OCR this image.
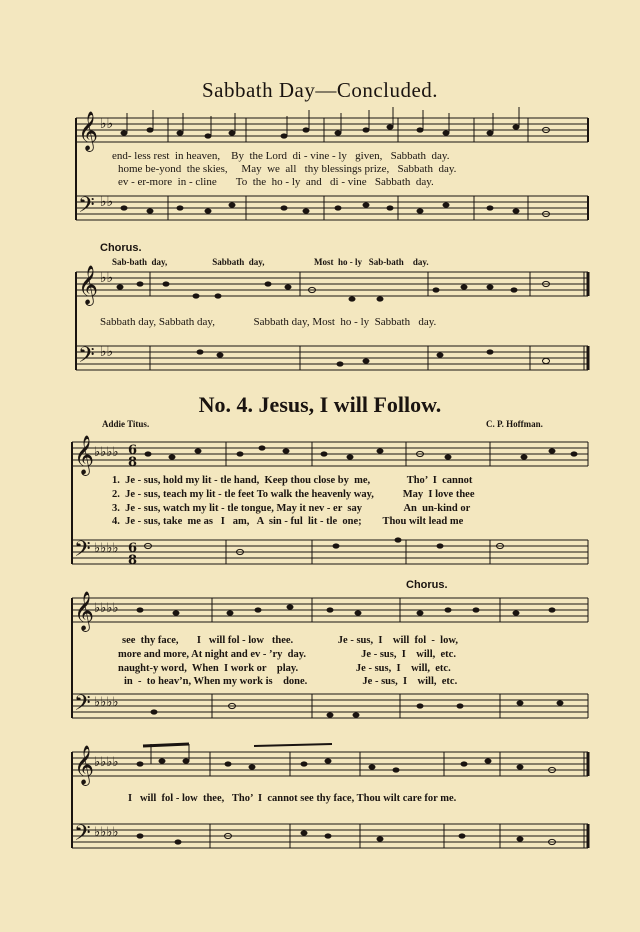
Sabbath Day—Concluded.
𝄞
𝄢
𝄞
𝄢
𝄞
𝄢
𝄞
𝄢
𝄞
𝄢
♭♭
♭♭
♭♭
♭♭
♭♭♭♭
♭♭♭♭
♭♭♭♭
♭♭♭♭
♭♭♭♭
♭♭♭♭
6
8
6
8
end- less rest  in heaven,    By  the Lord  di - vine - ly   given,   Sabbath  day.
home be-yond  the skies,     May  we  all   thy blessings prize,   Sabbath  day.
ev - er-more  in - cline       To  the  ho - ly  and   di - vine   Sabbath  day.
Chorus.
Sab-bath  day,                    Sabbath  day,                      Most  ho - ly   Sab-bath    day.
Sabbath day, Sabbath day,              Sabbath day, Most  ho - ly  Sabbath   day.
No. 4. Jesus, I will Follow.
Addie Titus.	C. P. Hoffman.
1.  Je - sus, hold my lit - tle hand,  Keep thou close by  me,              Tho’  I  cannot
2.  Je - sus, teach my lit - tle feet To walk the heavenly way,           May  I love thee
3.  Je - sus, watch my lit - tle tongue, May it nev - er  say                An  un-kind or
4.  Je - sus, take  me as   I   am,   A  sin - ful  lit - tle  one;        Thou wilt lead me
Chorus.
see  thy face,       I   will fol - low   thee.                 Je - sus,  I    will  fol  -  low,
more and more, At night and ev - ’ry  day.                     Je - sus,  I    will,  etc.
naught-y word,  When  I work or    play.                      Je - sus,  I    will,  etc.
in  -  to heav’n, When my work is    done.                     Je - sus,  I    will,  etc.
I   will  fol - low  thee,   Tho’  I  cannot see thy face, Thou wilt care for me.
